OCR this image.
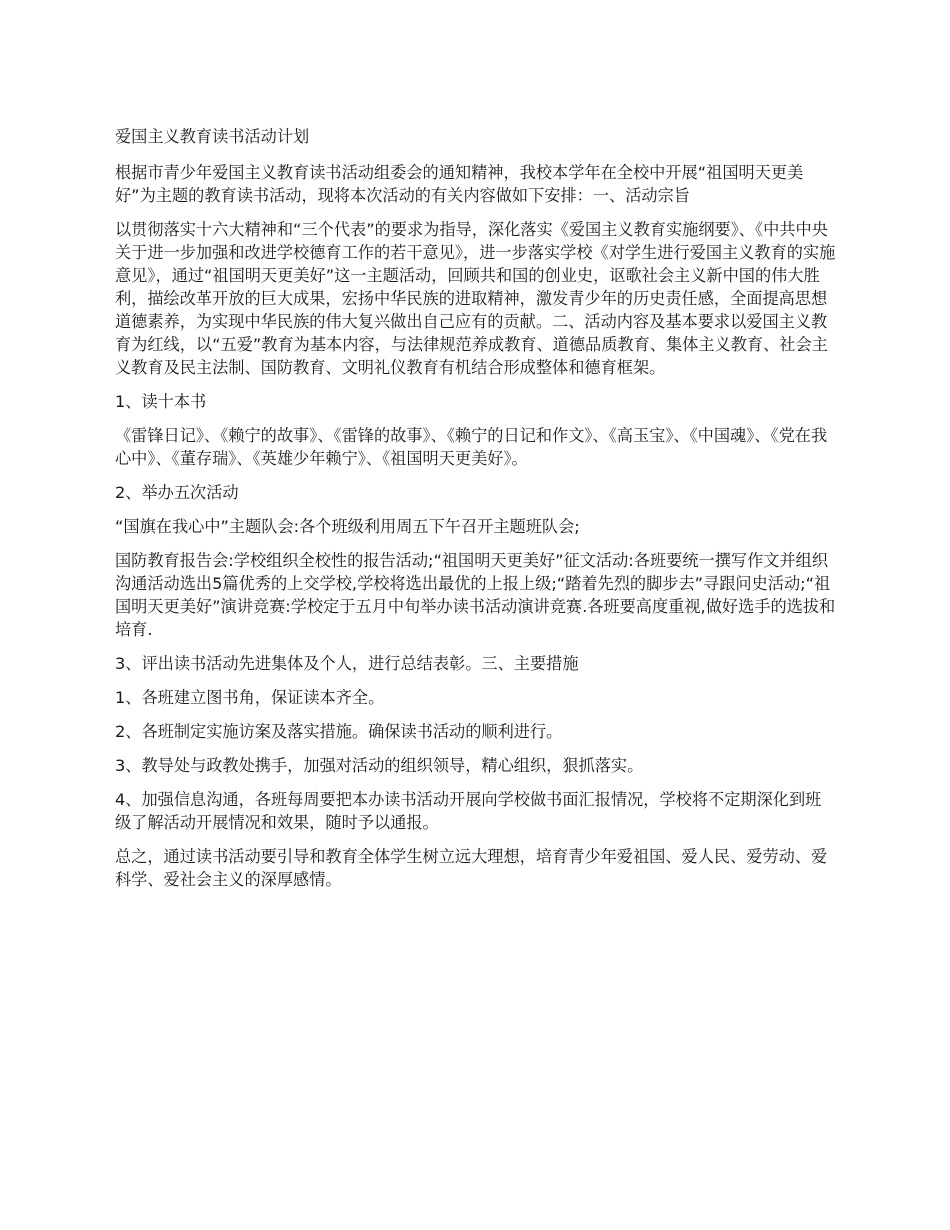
爱国主义教育读书活动计划

根据市青少年爱国主义教育读书活动组委会的通知精神，我校本学年在全校中开展“祖国明天更美好”为主题的教育读书活动，现将本次活动的有关内容做如下安排：一、活动宗旨

以贯彻落实十六大精神和“三个代表”的要求为指导，深化落实《爱国主义教育实施纲要》、《中共中央关于进一步加强和改进学校德育工作的若干意见》，进一步落实学校《对学生进行爱国主义教育的实施意见》，通过“祖国明天更美好”这一主题活动，回顾共和国的创业史，讴歌社会主义新中国的伟大胜利，描绘改革开放的巨大成果，宏扬中华民族的进取精神，激发青少年的历史责任感，全面提高思想道德素养，为实现中华民族的伟大复兴做出自己应有的贡献。二、活动内容及基本要求以爱国主义教育为红线，以“五爱”教育为基本内容，与法律规范养成教育、道德品质教育、集体主义教育、社会主义教育及民主法制、国防教育、文明礼仪教育有机结合形成整体和德育框架。

1、读十本书

《雷锋日记》、《赖宁的故事》、《雷锋的故事》、《赖宁的日记和作文》、《高玉宝》、《中国魂》、《党在我心中》、《董存瑞》、《英雄少年赖宁》、《祖国明天更美好》。

2、举办五次活动

“国旗在我心中”主题队会:各个班级利用周五下午召开主题班队会;

国防教育报告会:学校组织全校性的报告活动;“祖国明天更美好”征文活动:各班要统一撰写作文并组织沟通活动选出5篇优秀的上交学校,学校将选出最优的上报上级;“踏着先烈的脚步去”寻跟问史活动;“祖国明天更美好”演讲竞赛:学校定于五月中旬举办读书活动演讲竞赛.各班要高度重视,做好选手的选拔和培育.

3、评出读书活动先进集体及个人，进行总结表彰。三、主要措施

1、各班建立图书角，保证读本齐全。

2、各班制定实施访案及落实措施。确保读书活动的顺利进行。

3、教导处与政教处携手，加强对活动的组织领导，精心组织，狠抓落实。

4、加强信息沟通，各班每周要把本办读书活动开展向学校做书面汇报情况，学校将不定期深化到班级了解活动开展情况和效果，随时予以通报。

总之，通过读书活动要引导和教育全体学生树立远大理想，培育青少年爱祖国、爱人民、爱劳动、爱科学、爱社会主义的深厚感情。
